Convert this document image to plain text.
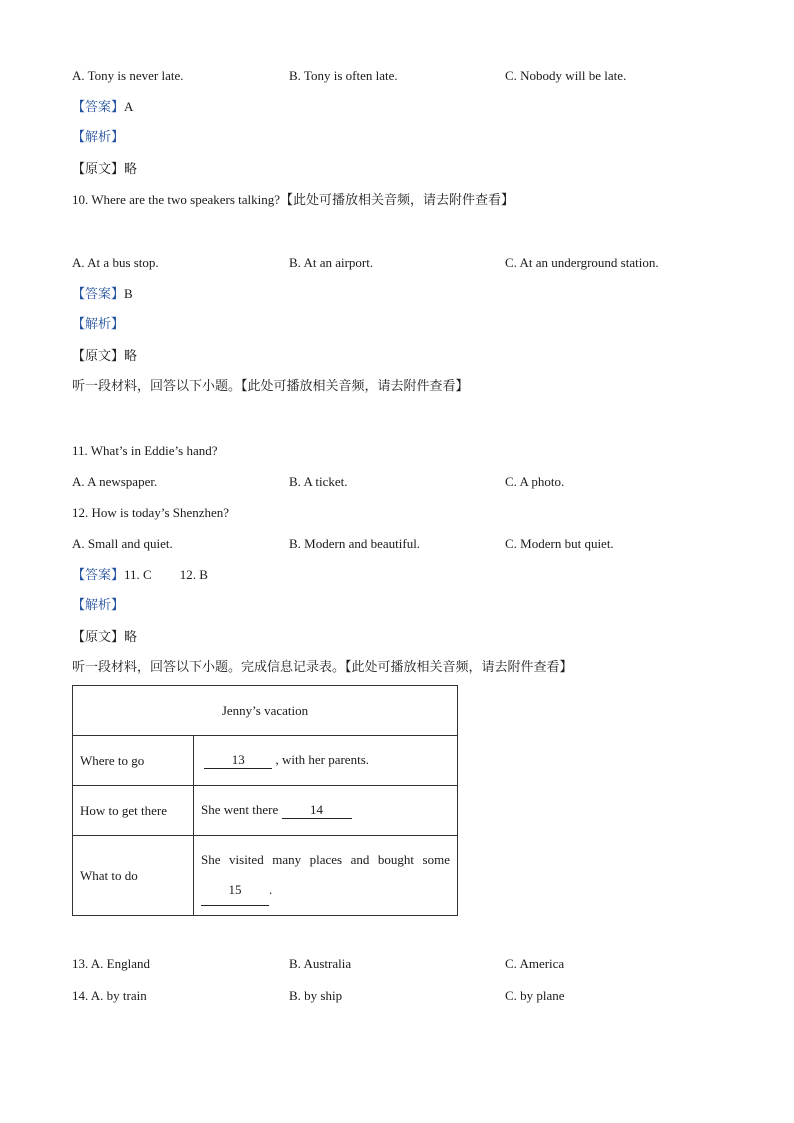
A. Tony is never late.	B. Tony is often late.	C. Nobody will be late.
【答案】A
【解析】
【原文】略
10. Where are the two speakers talking?【此处可播放相关音频，请去附件查看】
A. At a bus stop.	B. At an airport.	C. At an underground station.
【答案】B
【解析】
【原文】略
听一段材料，回答以下小题。【此处可播放相关音频，请去附件查看】
11. What’s in Eddie’s hand?
A. A newspaper.	B. A ticket.	C. A photo.
12. How is today’s Shenzhen?
A. Small and quiet.	B. Modern and beautiful.	C. Modern but quiet.
【答案】11. C 12. B
【解析】
【原文】略
听一段材料，回答以下小题。完成信息记录表。【此处可播放相关音频，请去附件查看】
Jenny’s vacation	
Where to go	13 , with her parents.
How to get there	She went there 14
What to do	She visited many places and bought some
15 .
13. A. England	B. Australia	C. America
14. A. by train	B. by ship	C. by plane
